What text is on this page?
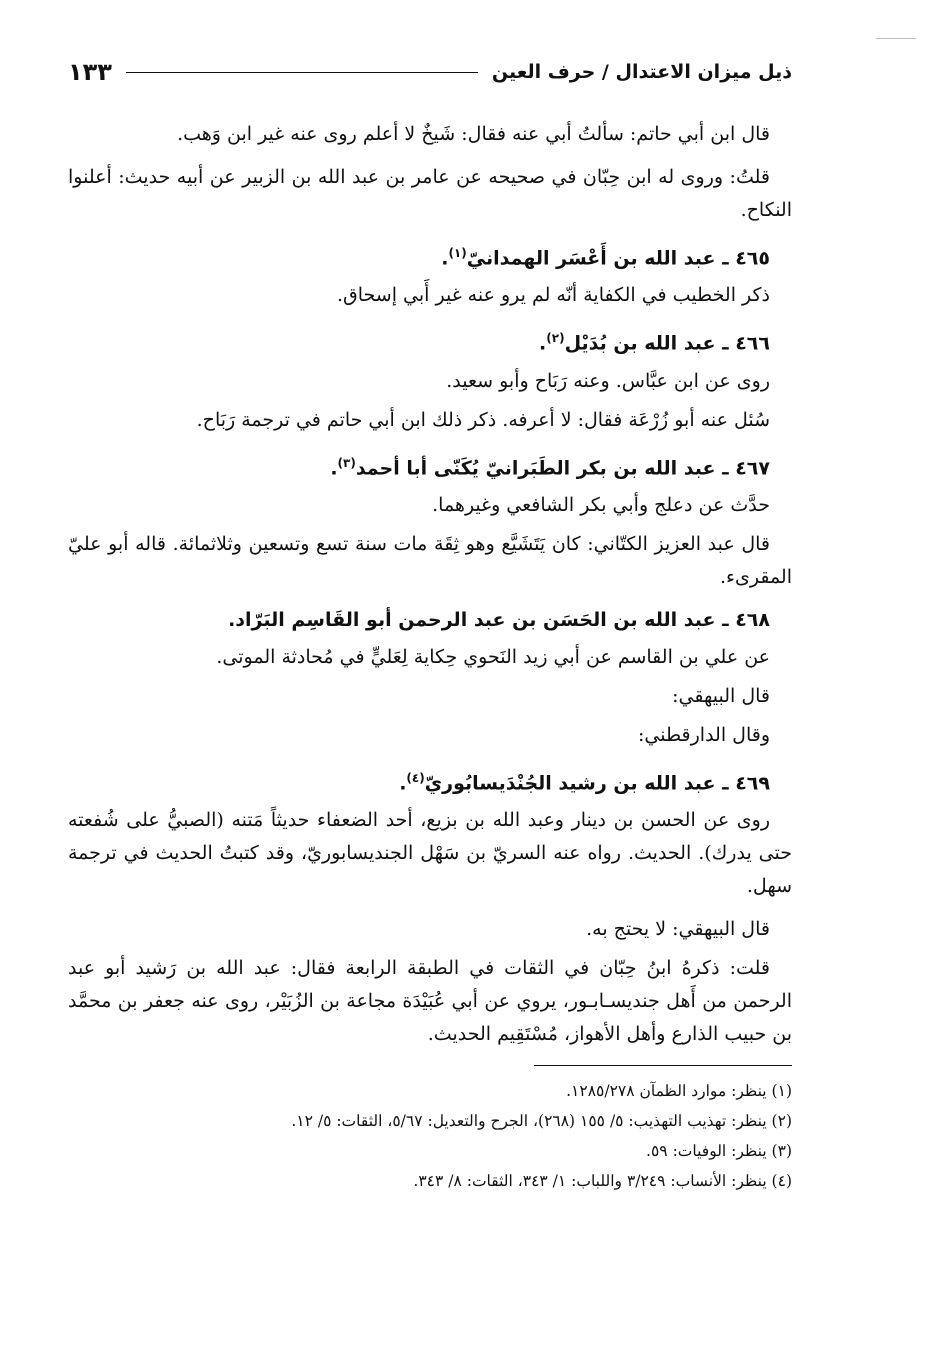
ذيل ميزان الاعتدال / حرف العين
١٣٣

قال ابن أبي حاتم: سألتُ أبي عنه فقال: شَيخٌ لا أعلم روى عنه غير ابن وَهب.

قلتُ: وروى له ابن حِبّان في صحيحه عن عامر بن عبد الله بن الزبير عن أبيه حديث: أعلنوا النكاح.

٤٦٥ ـ عبد الله بن أَعْسَر الهمدانيّ$^{(١)}$.

ذكر الخطيب في الكفاية أنّه لم يرو عنه غير أَبي إسحاق.

٤٦٦ ـ عبد الله بن بُدَيْل$^{(٢)}$.

روى عن ابن عبَّاس. وعنه رَبَاح وأبو سعيد.

سُئل عنه أبو زُرْعَة فقال: لا أعرفه. ذكر ذلك ابن أبي حاتم في ترجمة رَبَاح.

٤٦٧ ـ عبد الله بن بكر الطَبَرانيّ يُكَنّى أبا أحمد$^{(٣)}$.

حدَّث عن دعلج وأبي بكر الشافعي وغيرهما.

قال عبد العزيز الكتّاني: كان يَتَشَيَّع وهو ثِقَة مات سنة تسع وتسعين وثلاثمائة. قاله أبو عليّ المقرىء.

٤٦٨ ـ عبد الله بن الحَسَن بن عبد الرحمن أبو القَاسِم البَرّاد.

عن علي بن القاسم عن أبي زيد النَحوي حِكاية لِعَليٍّ في مُحادثة الموتى.

قال البيهقي:

وقال الدارقطني:

٤٦٩ ـ عبد الله بن رشيد الجُنْدَيسابُوريّ$^{(٤)}$.

روى عن الحسن بن دينار وعبد الله بن بزيع، أحد الضعفاء حديثاً مَتنه (الصبيُّ على شُفعته حتى يدرك). الحديث. رواه عنه السريّ بن سَهْل الجنديسابوريّ، وقد كتبتُ الحديث في ترجمة سهل.

قال البيهقي: لا يحتج به.

قلت: ذكرهُ ابنُ حِبّان في الثقات في الطبقة الرابعة فقال: عبد الله بن رَشيد أبو عبد الرحمن من أَهل جنديسـابـور، يروي عن أبي عُبَيْدَة مجاعة بن الزُبَيْر، روى عنه جعفر بن محمَّد بن حبيب الذارع وأهل الأهواز، مُسْتَقِيم الحديث.

(١) ينظر: موارد الظمآن ١٢٨٥/٢٧٨.

(٢) ينظر: تهذيب التهذيب: ٥/ ١٥٥ (٢٦٨)، الجرح والتعديل: ٥/٦٧، الثقات: ٥/ ١٢.

(٣) ينظر: الوفيات: ٥٩.

(٤) ينظر: الأنساب: ٣/٢٤٩ واللباب: ١/ ٣٤٣، الثقات: ٨/ ٣٤٣.
